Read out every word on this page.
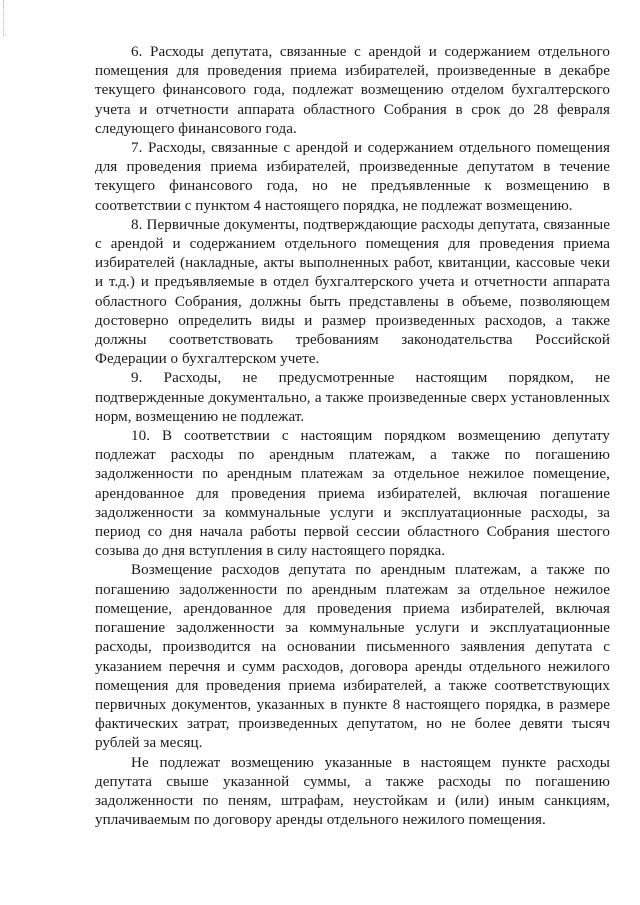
6. Расходы депутата, связанные с арендой и содержанием отдельного помещения для проведения приема избирателей, произведенные в декабре текущего финансового года, подлежат возмещению отделом бухгалтерского учета и отчетности аппарата областного Собрания в срок до 28 февраля следующего финансового года.

7. Расходы, связанные с арендой и содержанием отдельного помещения для проведения приема избирателей, произведенные депутатом в течение текущего финансового года, но не предъявленные к возмещению в соответствии с пунктом 4 настоящего порядка, не подлежат возмещению.

8. Первичные документы, подтверждающие расходы депутата, связанные с арендой и содержанием отдельного помещения для проведения приема избирателей (накладные, акты выполненных работ, квитанции, кассовые чеки и т.д.) и предъявляемые в отдел бухгалтерского учета и отчетности аппарата областного Собрания, должны быть представлены в объеме, позволяющем достоверно определить виды и размер произведенных расходов, а также должны соответствовать требованиям законодательства Российской Федерации о бухгалтерском учете.

9. Расходы, не предусмотренные настоящим порядком, не подтвержденные документально, а также произведенные сверх установленных норм, возмещению не подлежат.

10. В соответствии с настоящим порядком возмещению депутату подлежат расходы по арендным платежам, а также по погашению задолженности по арендным платежам за отдельное нежилое помещение, арендованное для проведения приема избирателей, включая погашение задолженности за коммунальные услуги и эксплуатационные расходы, за период со дня начала работы первой сессии областного Собрания шестого созыва до дня вступления в силу настоящего порядка.

Возмещение расходов депутата по арендным платежам, а также по погашению задолженности по арендным платежам за отдельное нежилое помещение, арендованное для проведения приема избирателей, включая погашение задолженности за коммунальные услуги и эксплуатационные расходы, производится на основании письменного заявления депутата с указанием перечня и сумм расходов, договора аренды отдельного нежилого помещения для проведения приема избирателей, а также соответствующих первичных документов, указанных в пункте 8 настоящего порядка, в размере фактических затрат, произведенных депутатом, но не более девяти тысяч рублей за месяц.

Не подлежат возмещению указанные в настоящем пункте расходы депутата свыше указанной суммы, а также расходы по погашению задолженности по пеням, штрафам, неустойкам и (или) иным санкциям, уплачиваемым по договору аренды отдельного нежилого помещения.
